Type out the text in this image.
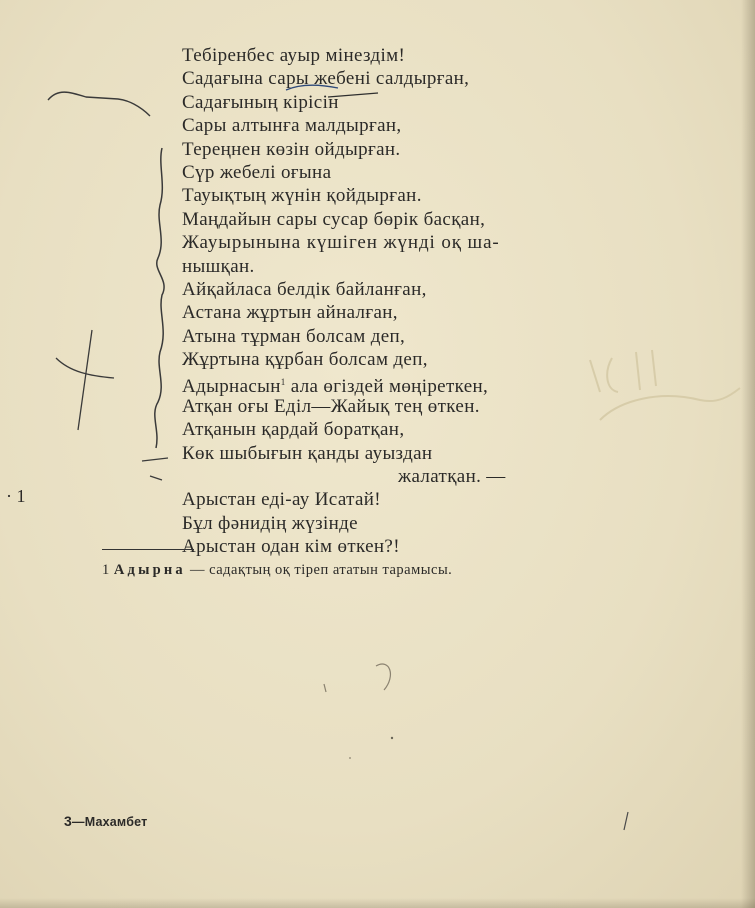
Тебіренбес ауыр мінездім!
Садағына сары жебені салдырған,
Садағының кірісін
Сары алтынға малдырған,
Тереңнен көзін ойдырған.
Сүр жебелі оғына
Тауықтың жүнін қойдырған.
Маңдайын сары сусар бөрік басқан,
Жауырынына күшіген жүнді оқ ша-
нышқан.
Айқайласа белдік байланған,
Астана жұртын айналған,
Атына тұрман болсам деп,
Жұртына құрбан болсам деп,
Адырнасын$^1$ ала өгіздей мөңіреткен,
Атқан оғы Еділ—Жайық тең өткен.
Атқанын қардай боратқан,
Көк шыбығын қанды ауыздан
жалатқан. —
Арыстан еді-ау Исатай!
Бұл фәнидің жүзінде
Арыстан одан кім өткен?!
1 Адырна — садақтың оқ тіреп ататын тарамысы.
· 1
3—Махамбет
